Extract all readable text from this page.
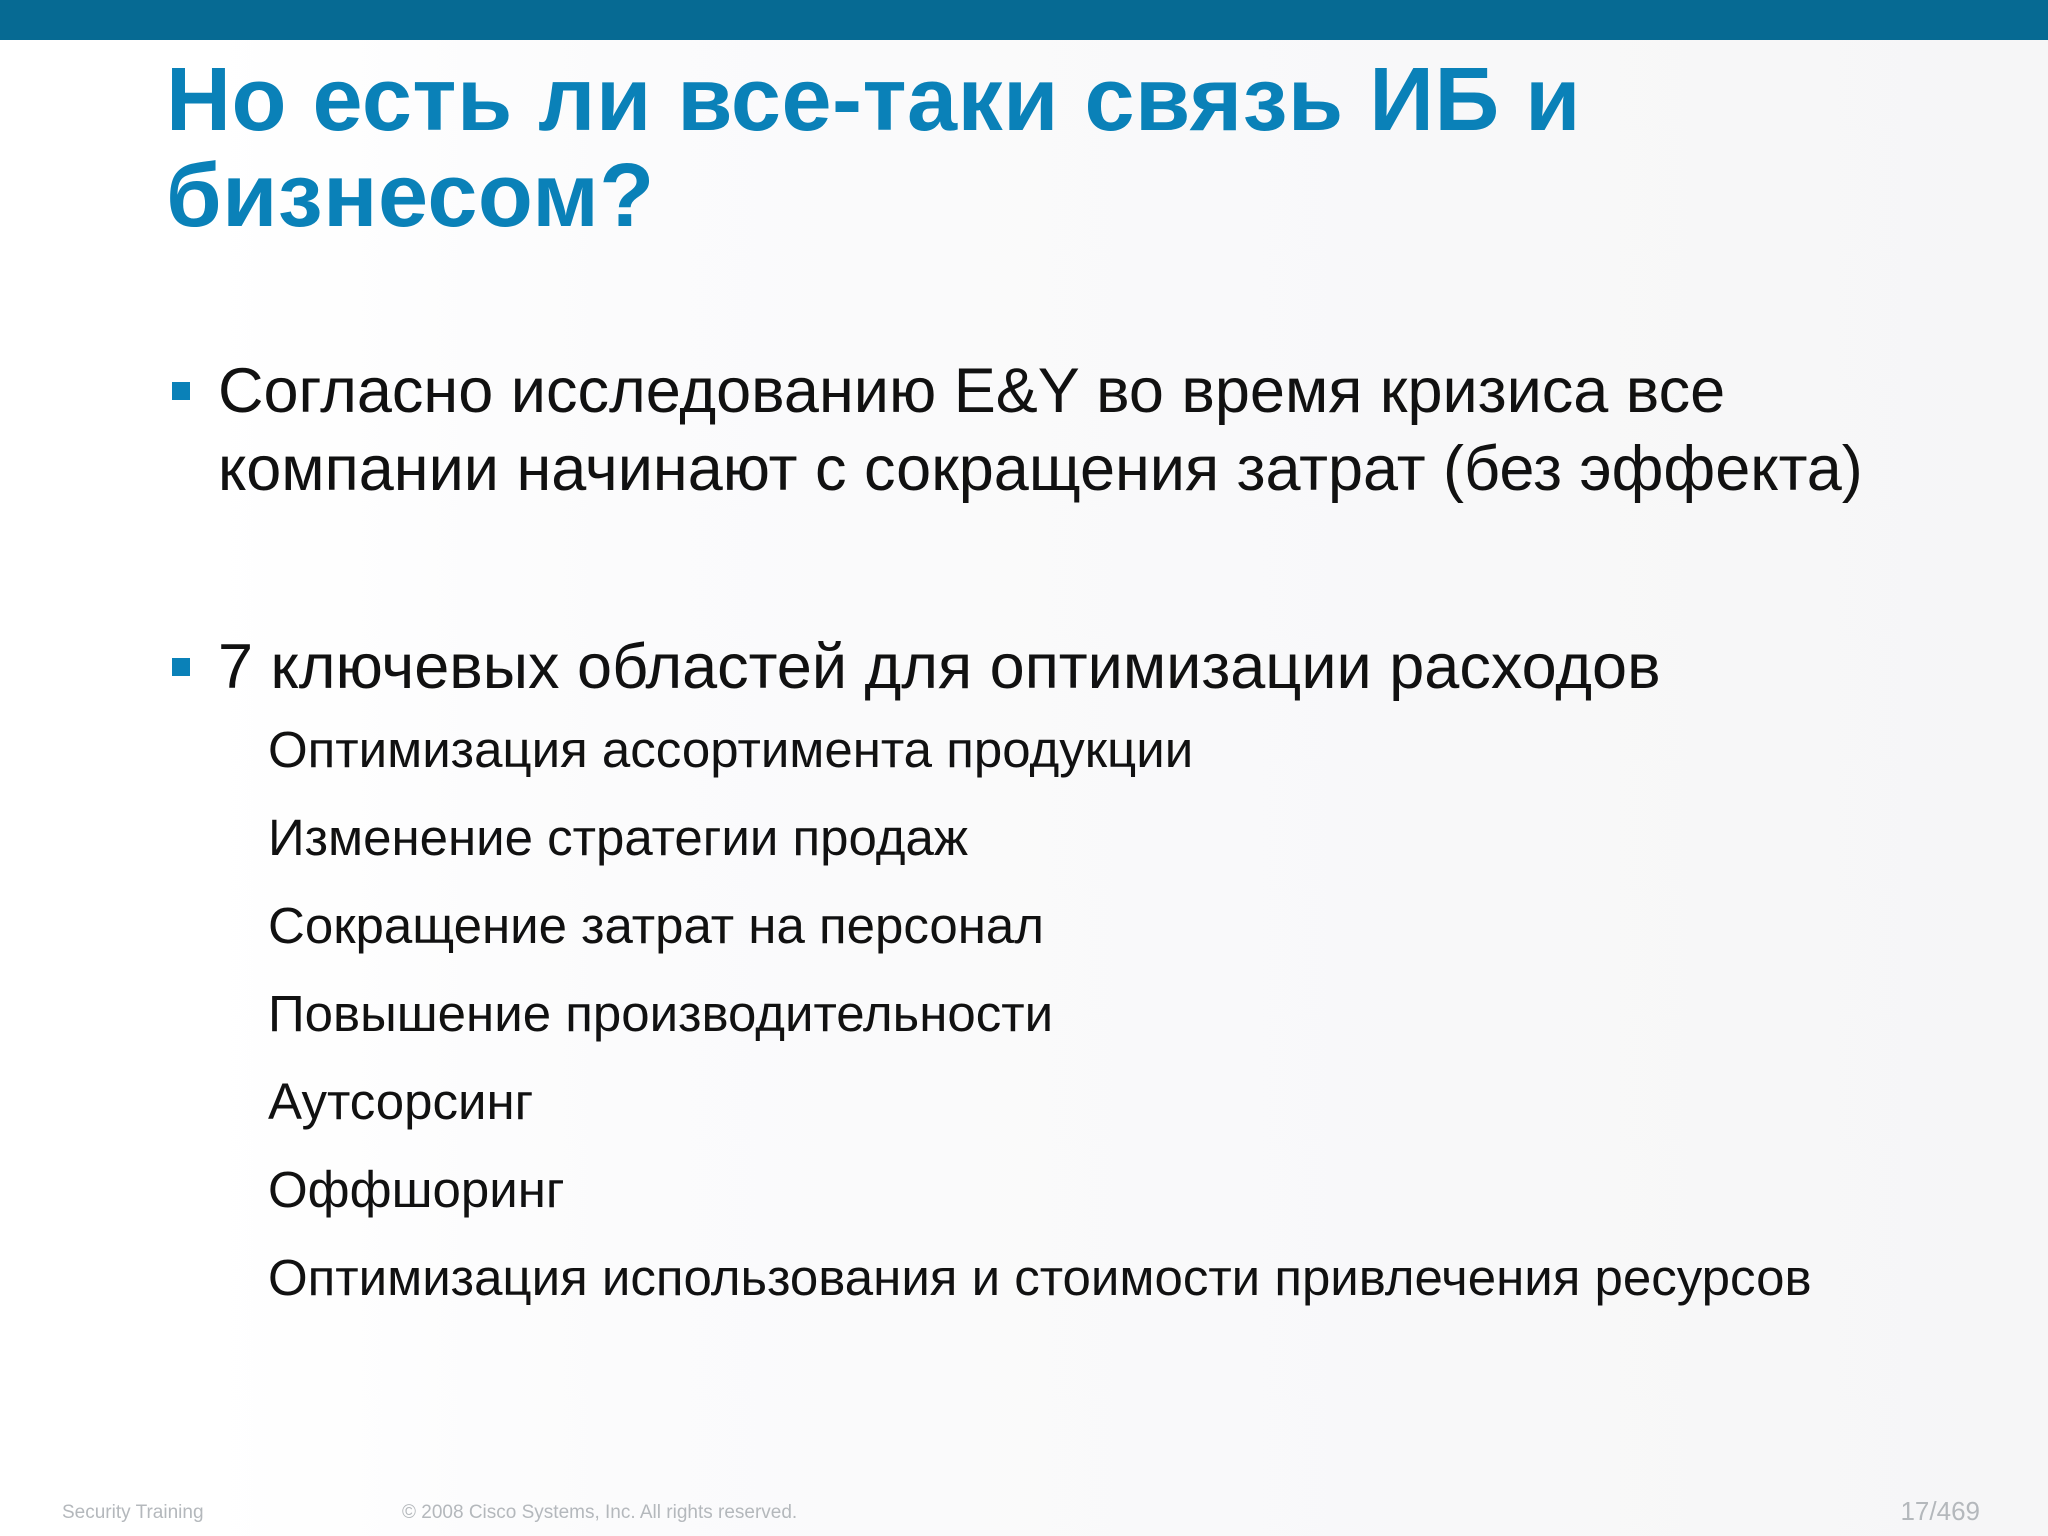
Но есть ли все-таки связь ИБ и бизнесом?
Согласно исследованию E&Y во время кризиса все компании начинают с сокращения затрат (без эффекта)
7 ключевых областей для оптимизации расходов
Оптимизация ассортимента продукции
Изменение стратегии продаж
Сокращение затрат на персонал
Повышение производительности
Аутсорсинг
Оффшоринг
Оптимизация использования и стоимости привлечения ресурсов
Security Training	© 2008 Cisco Systems, Inc. All rights reserved.	17/469
